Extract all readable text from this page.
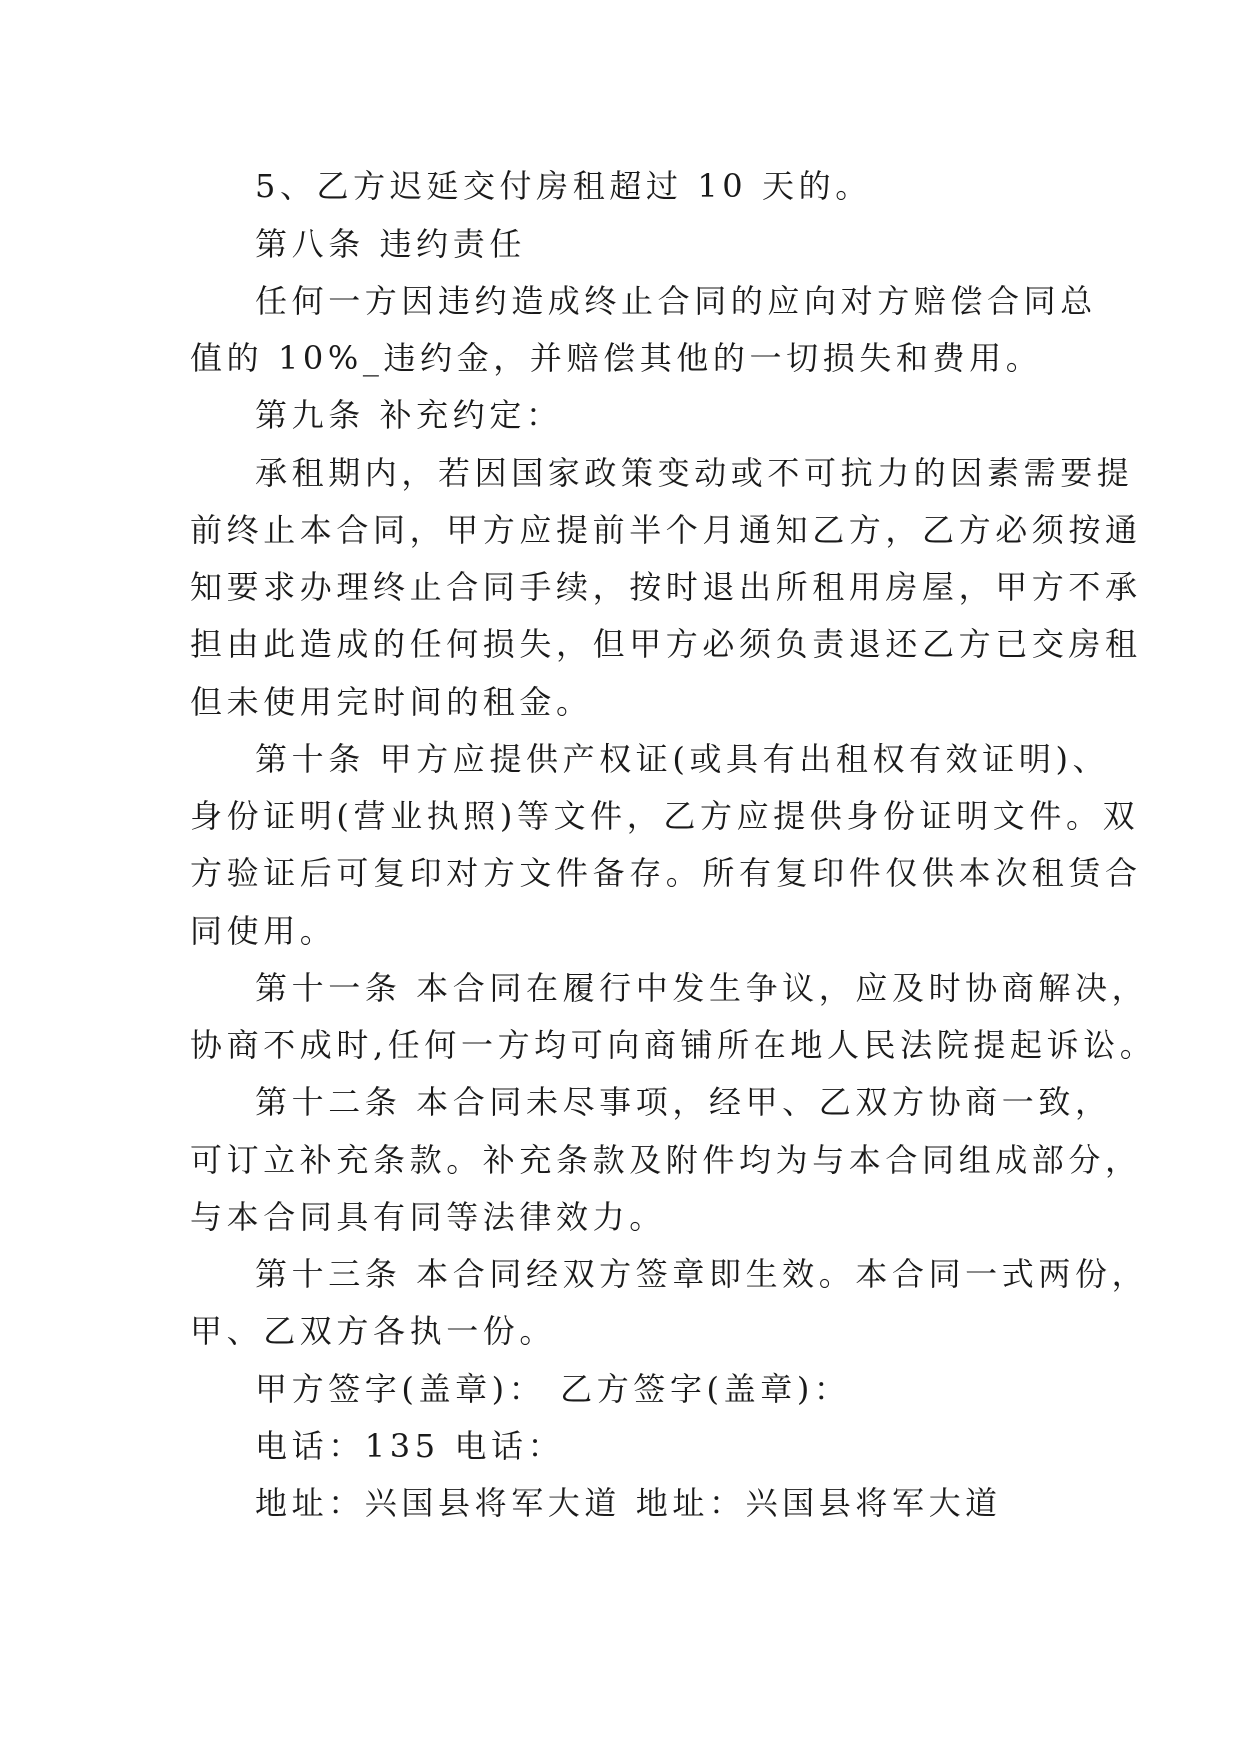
5、乙方迟延交付房租超过 10 天的。

第八条 违约责任

任何一方因违约造成终止合同的应向对方赔偿合同总

值的 10%_违约金，并赔偿其他的一切损失和费用。

第九条 补充约定：

承租期内，若因国家政策变动或不可抗力的因素需要提

前终止本合同，甲方应提前半个月通知乙方，乙方必须按通

知要求办理终止合同手续，按时退出所租用房屋，甲方不承

担由此造成的任何损失，但甲方必须负责退还乙方已交房租

但未使用完时间的租金。

第十条 甲方应提供产权证(或具有出租权有效证明)、

身份证明(营业执照)等文件，乙方应提供身份证明文件。双

方验证后可复印对方文件备存。所有复印件仅供本次租赁合

同使用。

第十一条 本合同在履行中发生争议，应及时协商解决，

协商不成时,任何一方均可向商铺所在地人民法院提起诉讼。

第十二条 本合同未尽事项，经甲、乙双方协商一致，

可订立补充条款。补充条款及附件均为与本合同组成部分，

与本合同具有同等法律效力。

第十三条 本合同经双方签章即生效。本合同一式两份，

甲、乙双方各执一份。

甲方签字(盖章)： 乙方签字(盖章)：

电话：135 电话：

地址：兴国县将军大道 地址：兴国县将军大道
